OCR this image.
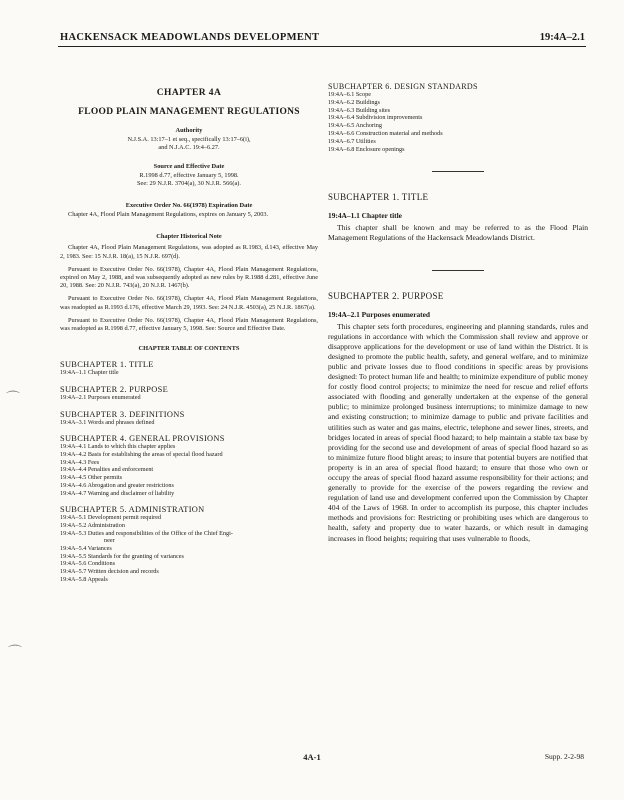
HACKENSACK MEADOWLANDS DEVELOPMENT	19:4A–2.1
CHAPTER 4A
FLOOD PLAIN MANAGEMENT REGULATIONS
Authority
N.J.S.A. 13:17–1 et seq., specifically 13:17–6(i),
and N.J.A.C. 19:4–6.27.
Source and Effective Date
R.1998 d.77, effective January 5, 1998.
See: 29 N.J.R. 3704(a), 30 N.J.R. 566(a).
Executive Order No. 66(1978) Expiration Date
Chapter 4A, Flood Plain Management Regulations, expires on January 5, 2003.
Chapter Historical Note
Chapter 4A, Flood Plain Management Regulations, was adopted as R.1983, d.143, effective May 2, 1983. See: 15 N.J.R. 18(a), 15 N.J.R. 697(d).
Pursuant to Executive Order No. 66(1978), Chapter 4A, Flood Plain Management Regulations, expired on May 2, 1988, and was subsequently adopted as new rules by R.1988 d.281, effective June 20, 1988. See: 20 N.J.R. 743(a), 20 N.J.R. 1467(b).
Pursuant to Executive Order No. 66(1978), Chapter 4A, Flood Plain Management Regulations, was readopted as R.1993 d.176, effective March 29, 1993. See: 24 N.J.R. 4503(a), 25 N.J.R. 1867(a).
Pursuant to Executive Order No. 66(1978), Chapter 4A, Flood Plain Management Regulations, was readopted as R.1998 d.77, effective January 5, 1998. See: Source and Effective Date.
CHAPTER TABLE OF CONTENTS
SUBCHAPTER 1. TITLE
19:4A–1.1 Chapter title
SUBCHAPTER 2. PURPOSE
19:4A–2.1 Purposes enumerated
SUBCHAPTER 3. DEFINITIONS
19:4A–3.1 Words and phrases defined
SUBCHAPTER 4. GENERAL PROVISIONS
19:4A–4.1 Lands to which this chapter applies
19:4A–4.2 Basis for establishing the areas of special flood hazard
19:4A–4.3 Fees
19:4A–4.4 Penalties and enforcement
19:4A–4.5 Other permits
19:4A–4.6 Abrogation and greater restrictions
19:4A–4.7 Warning and disclaimer of liability
SUBCHAPTER 5. ADMINISTRATION
19:4A–5.1 Development permit required
19:4A–5.2 Administration
19:4A–5.3 Duties and responsibilities of the Office of the Chief Engi-
neer
19:4A–5.4 Variances
19:4A–5.5 Standards for the granting of variances
19:4A–5.6 Conditions
19:4A–5.7 Written decision and records
19:4A–5.8 Appeals
SUBCHAPTER 6. DESIGN STANDARDS
19:4A–6.1 Scope
19:4A–6.2 Buildings
19:4A–6.3 Building sites
19:4A–6.4 Subdivision improvements
19:4A–6.5 Anchoring
19:4A–6.6 Construction material and methods
19:4A–6.7 Utilities
19:4A–6.8 Enclosure openings
SUBCHAPTER 1. TITLE
19:4A–1.1 Chapter title
This chapter shall be known and may be referred to as the Flood Plain Management Regulations of the Hackensack Meadowlands District.
SUBCHAPTER 2. PURPOSE
19:4A–2.1 Purposes enumerated
This chapter sets forth procedures, engineering and planning standards, rules and regulations in accordance with which the Commission shall review and approve or disapprove applications for the development or use of land within the District. It is designed to promote the public health, safety, and general welfare, and to minimize public and private losses due to flood conditions in specific areas by provisions designed: To protect human life and health; to minimize expenditure of public money for costly flood control projects; to minimize the need for rescue and relief efforts associated with flooding and generally undertaken at the expense of the general public; to minimize prolonged business interruptions; to minimize damage to new and existing construction; to minimize damage to public and private facilities and utilities such as water and gas mains, electric, telephone and sewer lines, streets, and bridges located in areas of special flood hazard; to help maintain a stable tax base by providing for the second use and development of areas of special flood hazard so as to minimize future flood blight areas; to insure that potential buyers are notified that property is in an area of special flood hazard; to ensure that those who own or occupy the areas of special flood hazard assume responsibility for their actions; and generally to provide for the exercise of the powers regarding the review and regulation of land use and development conferred upon the Commission by Chapter 404 of the Laws of 1968. In order to accomplish its purpose, this chapter includes methods and provisions for: Restricting or prohibiting uses which are dangerous to health, safety and property due to water hazards, or which result in damaging increases in flood heights; requiring that uses vulnerable to floods,
4A-1	Supp. 2-2-98
⌒
⌒
